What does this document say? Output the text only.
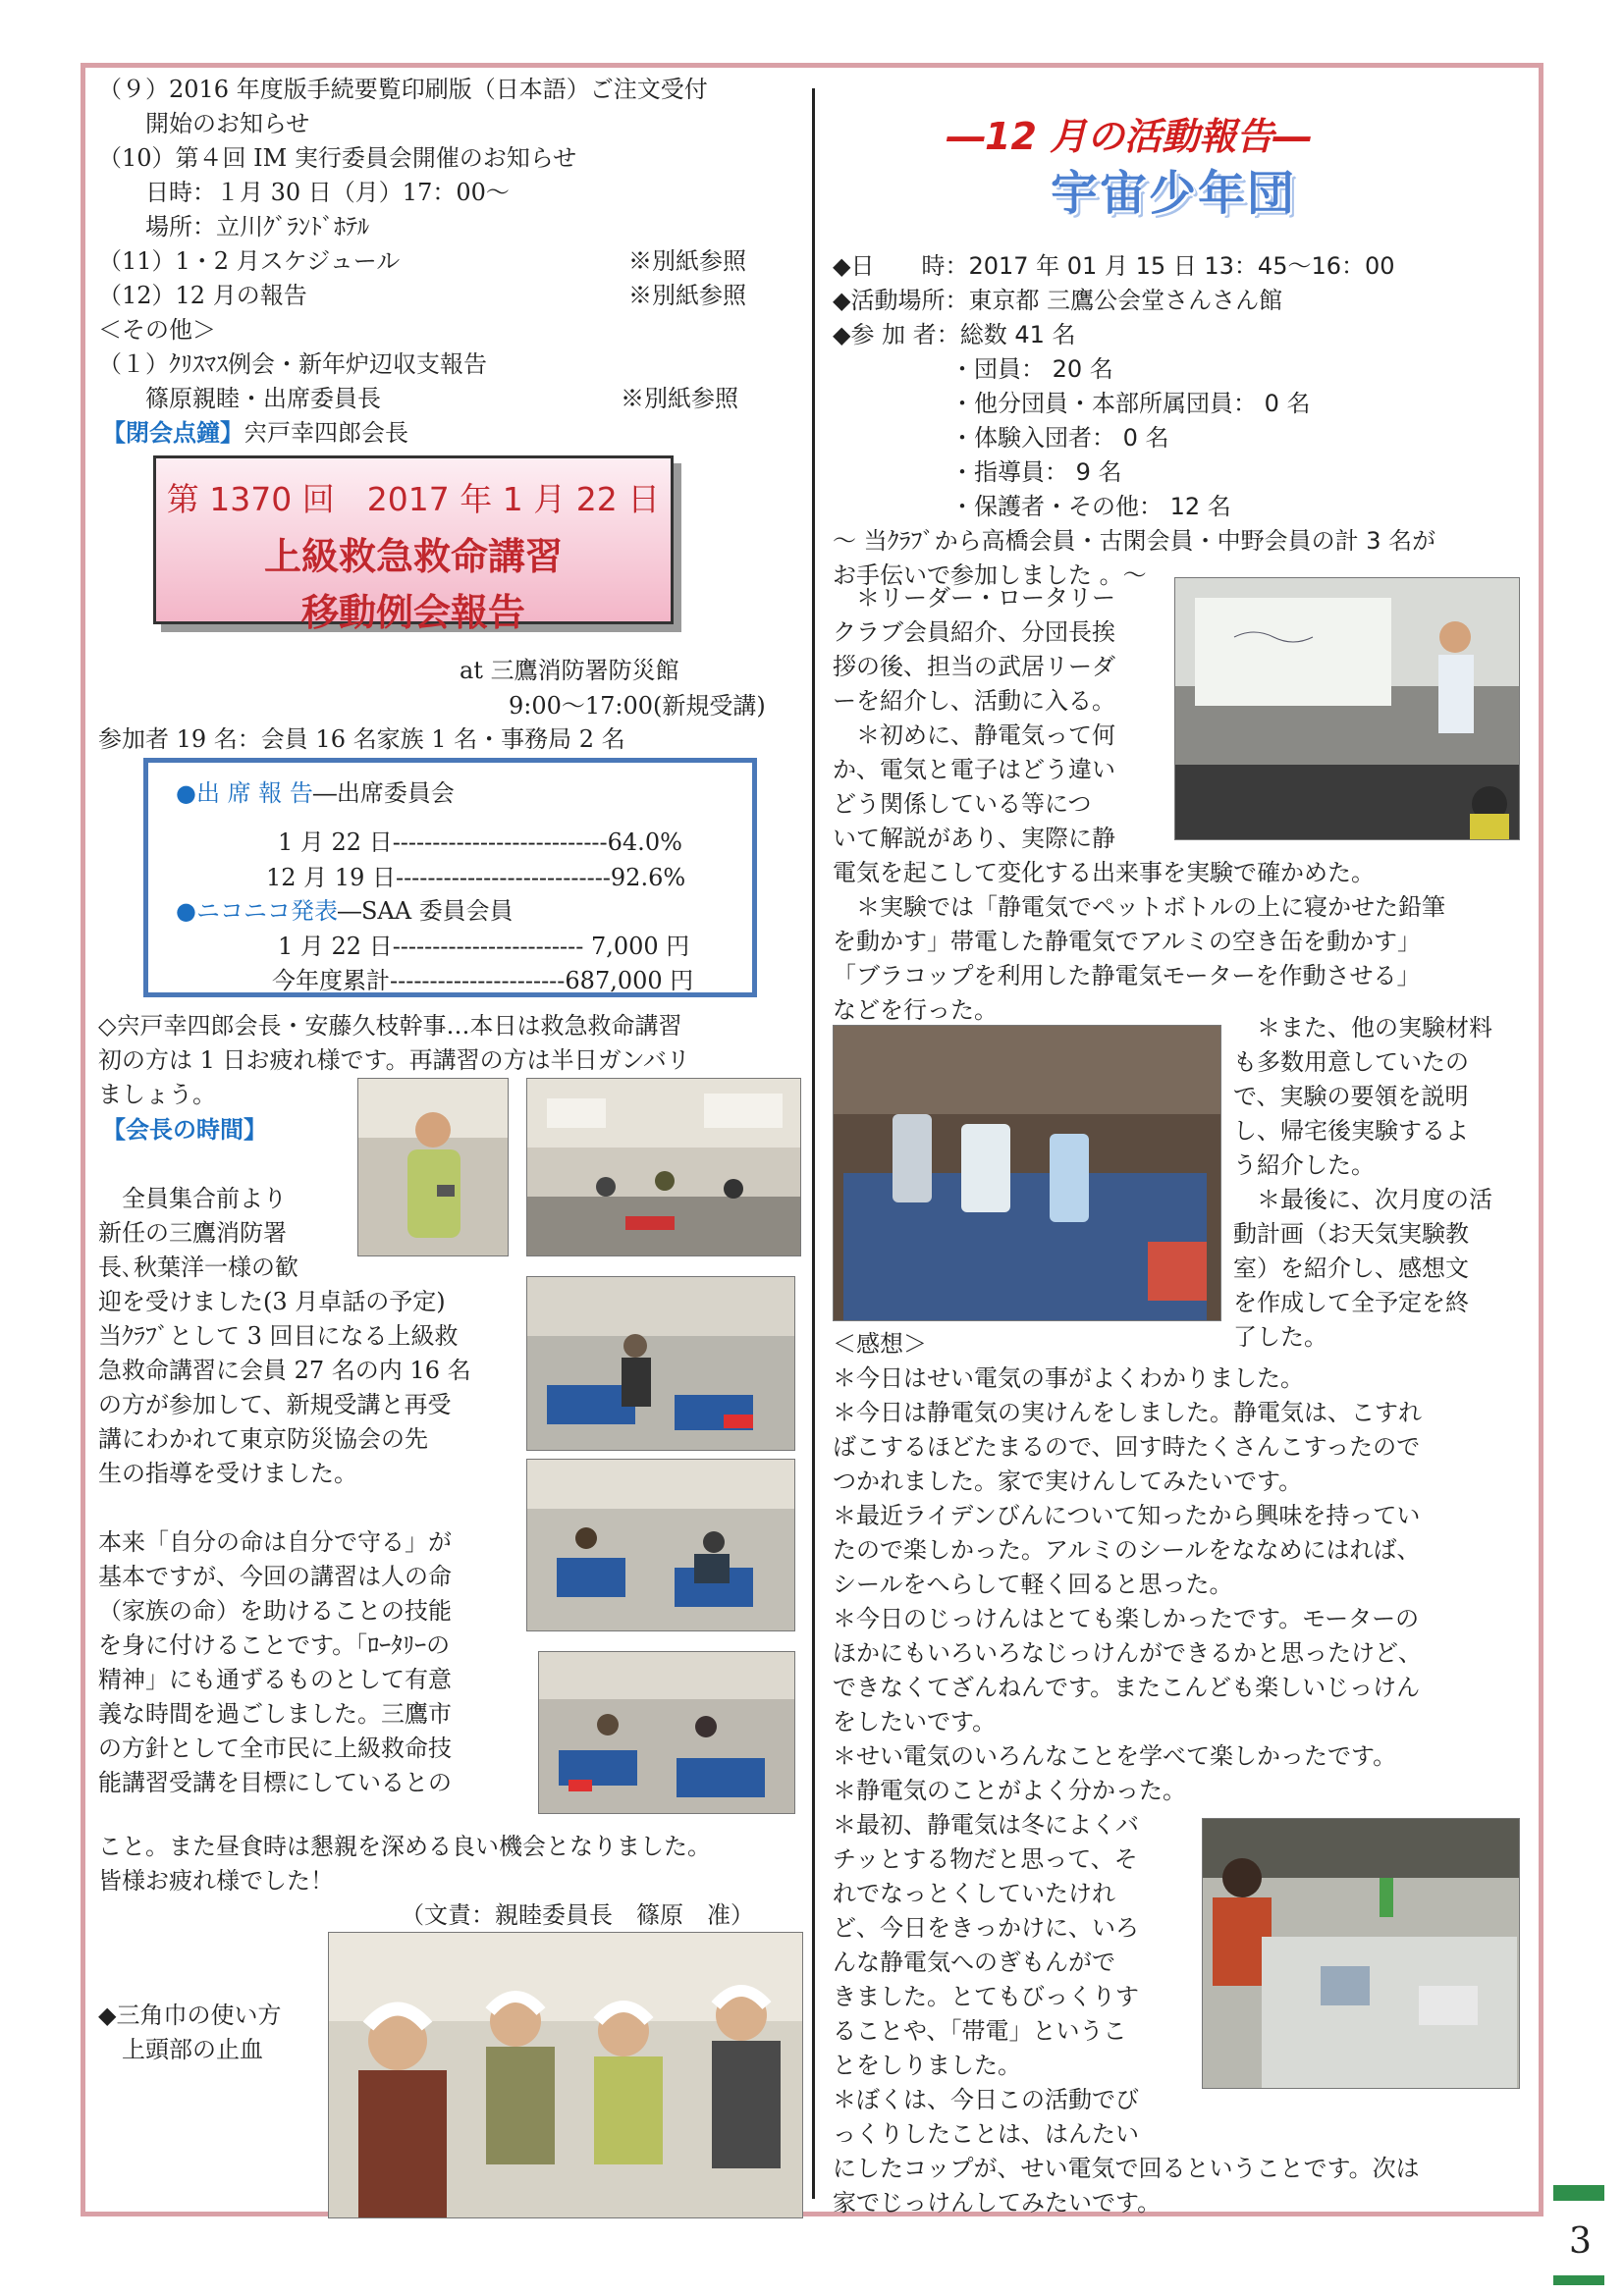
（９）2016 年度版手続要覧印刷版（日本語）ご注文受付
　　開始のお知らせ
（10）第４回 IM 実行委員会開催のお知らせ
　　日時：１月 30 日（月）17：00～
　　場所：立川ｸﾞﾗﾝﾄﾞﾎﾃﾙ
（11）1・2 月スケジュール
（12）12 月の報告
＜その他＞
（１）ｸﾘｽﾏｽ例会・新年炉辺収支報告
　　篠原親睦・出席委員長
※別紙参照
※別紙参照
※別紙参照
【閉会点鐘】宍戸幸四郎会長
第 1370 回　2017 年 1 月 22 日
上級救急救命講習
移動例会報告
at 三鷹消防署防災館
9:00～17:00(新規受講)
参加者 19 名：会員 16 名家族 1 名・事務局 2 名
●出 席 報 告―出席委員会
1 月 22 日---------------------------64.0%
12 月 19 日---------------------------92.6%
●ニコニコ発表―SAA 委員会員
1 月 22 日------------------------ 7,000 円
今年度累計----------------------687,000 円
◇宍戸幸四郎会長・安藤久枝幹事…本日は救急救命講習
初の方は 1 日お疲れ様です。再講習の方は半日ガンバリ
ましょう。
【会長の時間】
　全員集合前より
新任の三鷹消防署
長､秋葉洋一様の歓
迎を受けました(3 月卓話の予定)
当ｸﾗﾌﾞとして 3 回目になる上級救
急救命講習に会員 27 名の内 16 名
の方が参加して、新規受講と再受
講にわかれて東京防災協会の先
生の指導を受けました。

本来「自分の命は自分で守る」が
基本ですが、今回の講習は人の命
（家族の命）を助けることの技能
を身に付けることです。｢ﾛｰﾀﾘｰの
精神」にも通ずるものとして有意
義な時間を過ごしました。三鷹市
の方針として全市民に上級救命技
能講習受講を目標にしているとの
こと。また昼食時は懇親を深める良い機会となりました。
皆様お疲れ様でした！
（文責：親睦委員長　篠原　准）
◆三角巾の使い方
　上頭部の止血
―12 月の活動報告―
宇宙少年団
◆日　　時：2017 年 01 月 15 日 13：45～16：00
◆活動場所：東京都 三鷹公会堂さんさん館
◆参 加 者：総数 41 名
　　　　　・団員： 20 名
　　　　　・他分団員・本部所属団員： 0 名
　　　　　・体験入団者： 0 名
　　　　　・指導員： 9 名
　　　　　・保護者・その他： 12 名
～ 当ｸﾗﾌﾞから高橋会員・古閑会員・中野会員の計 3 名が
お手伝いで参加しました 。～
　＊リーダー・ロータリー
クラブ会員紹介、分団長挨
拶の後、担当の武居リーダ
ーを紹介し、活動に入る。
　＊初めに、静電気って何
か、電気と電子はどう違い
どう関係している等につ
いて解説があり、実際に静
電気を起こして変化する出来事を実験で確かめた。
　＊実験では「静電気でペットボトルの上に寝かせた鉛筆
を動かす」帯電した静電気でアルミの空き缶を動かす」
「ブラコップを利用した静電気モーターを作動させる」
などを行った。
　＊また、他の実験材料
も多数用意していたの
で、実験の要領を説明
し、帰宅後実験するよ
う紹介した。
　＊最後に、次月度の活
動計画（お天気実験教
室）を紹介し、感想文
を作成して全予定を終
了した。
＜感想＞
＊今日はせい電気の事がよくわかりました。
＊今日は静電気の実けんをしました。静電気は、こすれ
ばこするほどたまるので、回す時たくさんこすったので
つかれました。家で実けんしてみたいです。
＊最近ライデンびんについて知ったから興味を持ってい
たので楽しかった。アルミのシールをななめにはれば、
シールをへらして軽く回ると思った。
＊今日のじっけんはとても楽しかったです。モーターの
ほかにもいろいろなじっけんができるかと思ったけど、
できなくてざんねんです。またこんども楽しいじっけん
をしたいです。
＊せい電気のいろんなことを学べて楽しかったです。
＊静電気のことがよく分かった。
＊最初、静電気は冬によくバ
チッとする物だと思って、そ
れでなっとくしていたけれ
ど、今日をきっかけに、いろ
んな静電気へのぎもんがで
きました。とてもびっくりす
ることや、「帯電」というこ
とをしりました。
＊ぼくは、今日この活動でび
っくりしたことは、はんたい
にしたコップが、せい電気で回るということです。次は
家でじっけんしてみたいです。
3
